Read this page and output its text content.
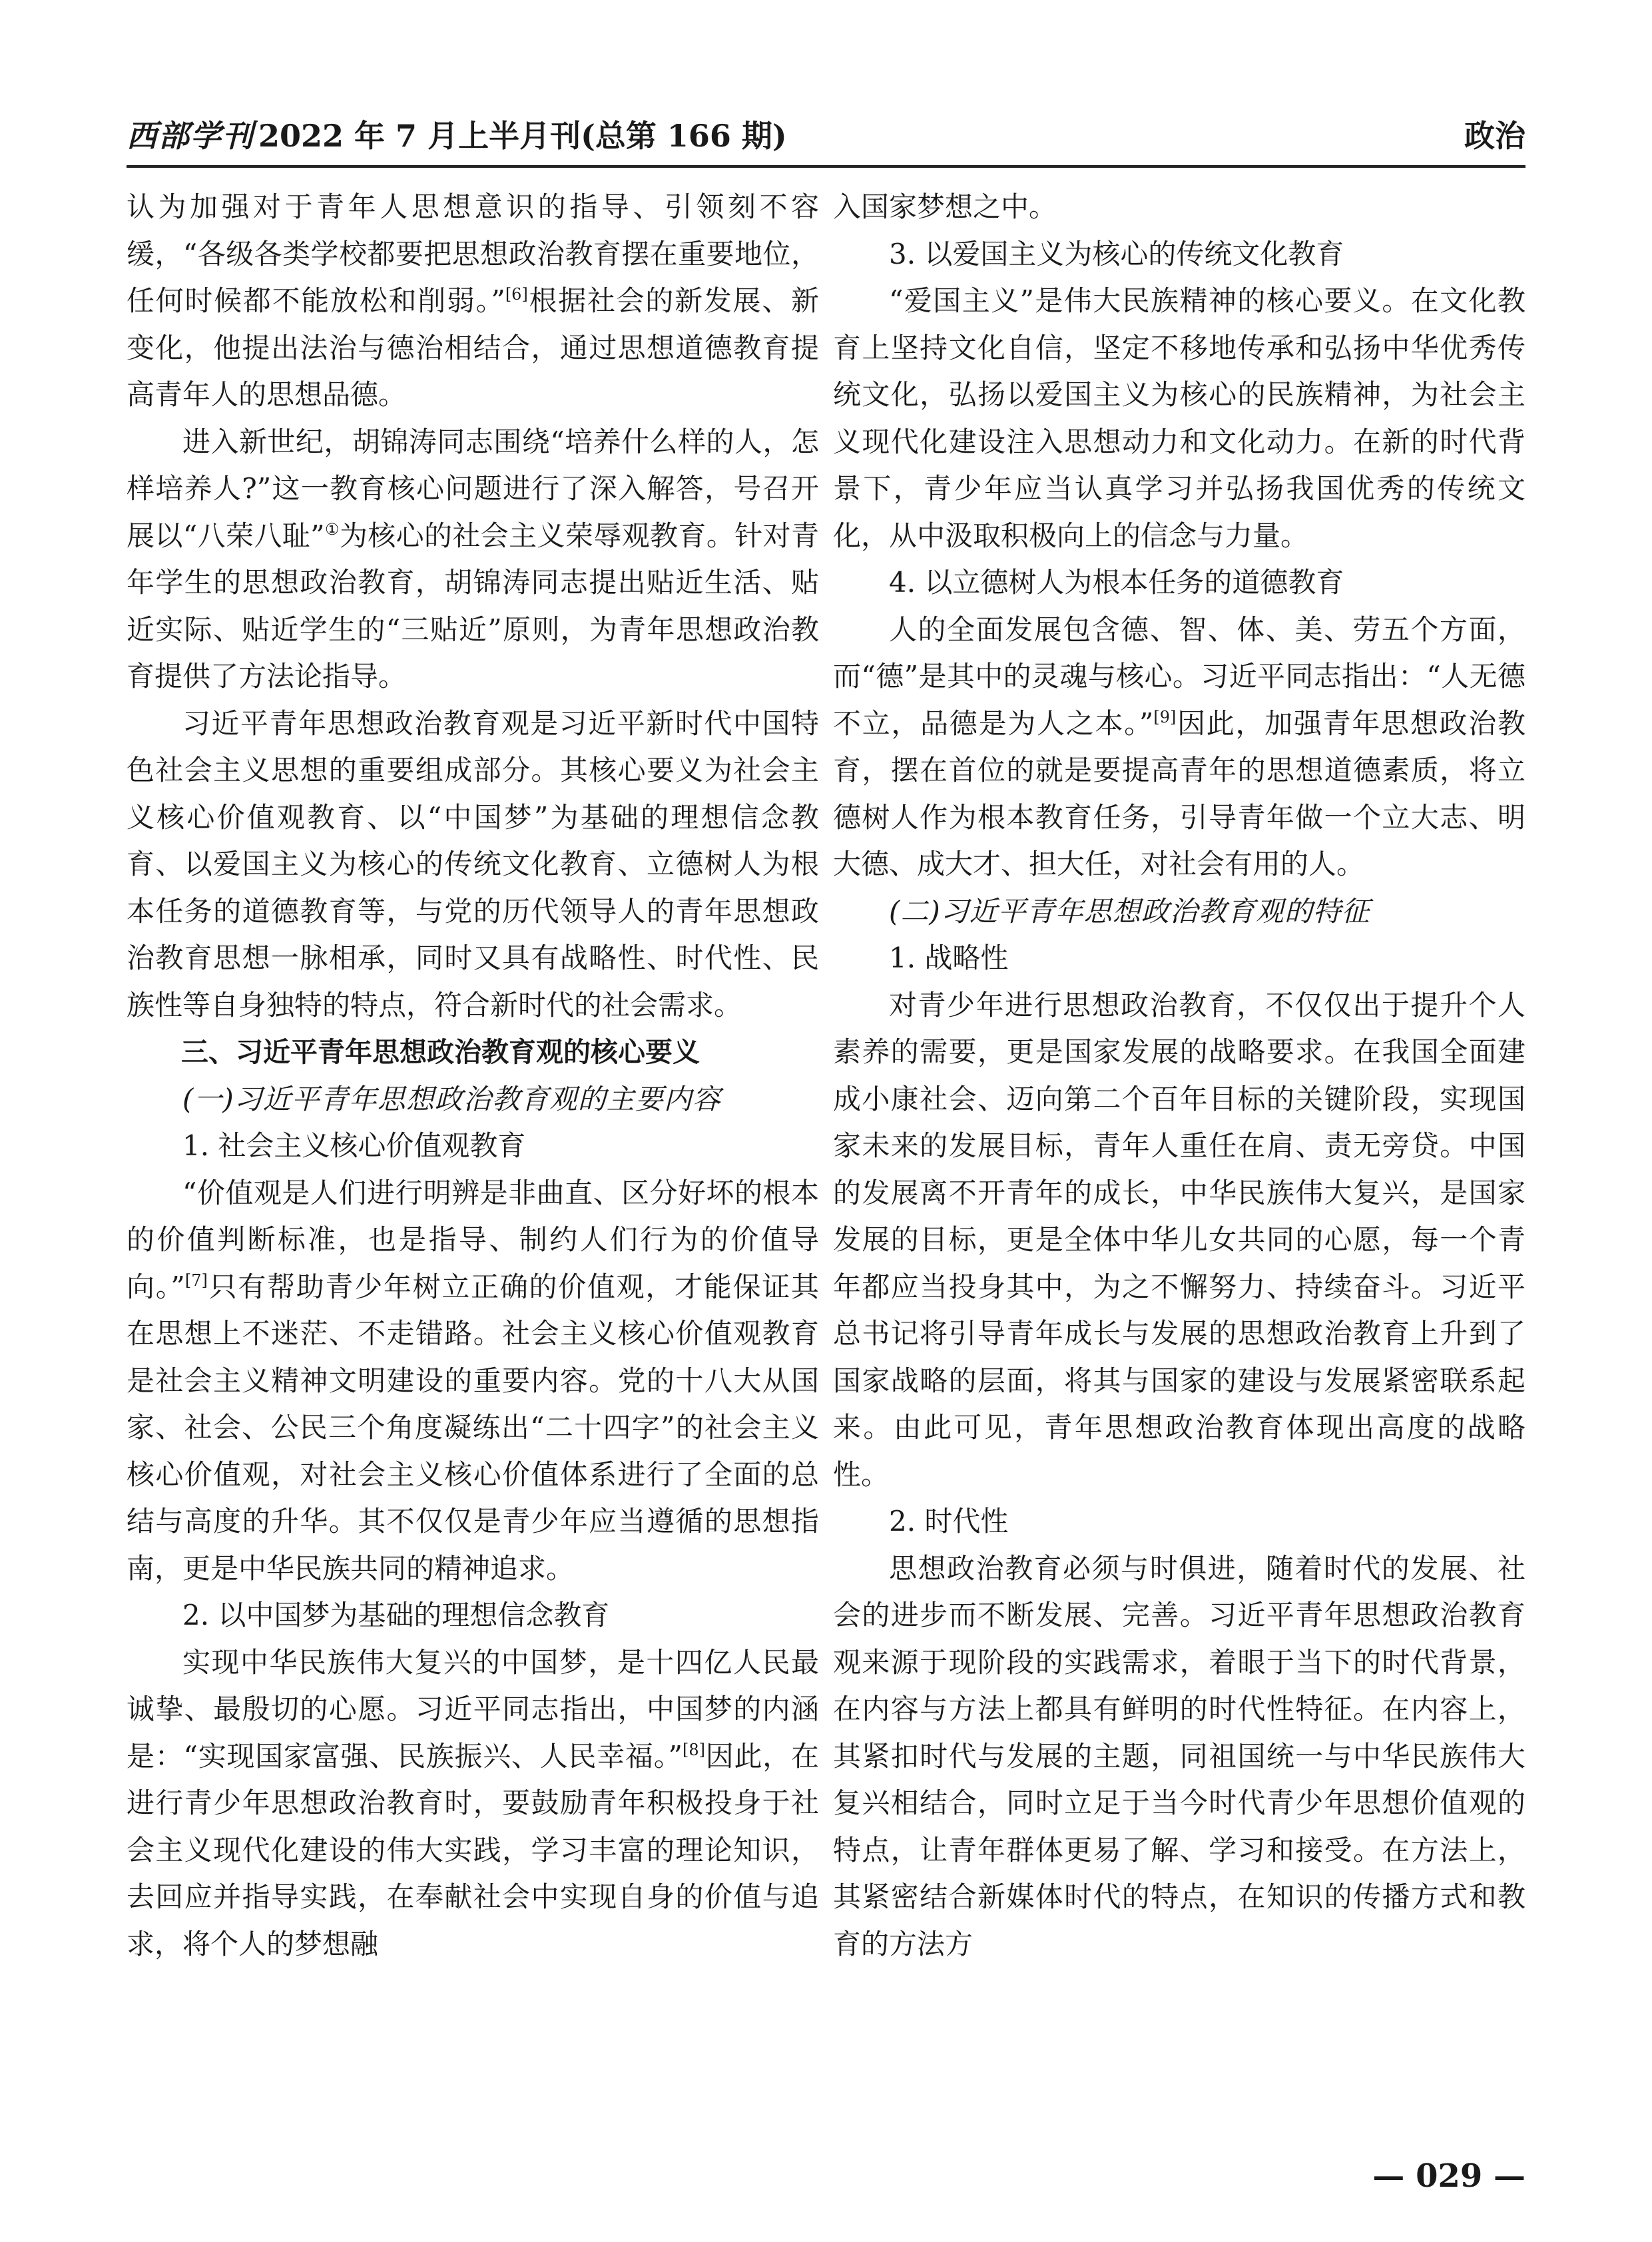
西部学刊 2022 年 7 月上半月刊(总第 166 期)	政治

认为加强对于青年人思想意识的指导、引领刻不容缓，“各级各类学校都要把思想政治教育摆在重要地位，任何时候都不能放松和削弱。”[6]根据社会的新发展、新变化，他提出法治与德治相结合，通过思想道德教育提高青年人的思想品德。

进入新世纪，胡锦涛同志围绕“培养什么样的人，怎样培养人?”这一教育核心问题进行了深入解答，号召开展以“八荣八耻”①为核心的社会主义荣辱观教育。针对青年学生的思想政治教育，胡锦涛同志提出贴近生活、贴近实际、贴近学生的“三贴近”原则，为青年思想政治教育提供了方法论指导。

习近平青年思想政治教育观是习近平新时代中国特色社会主义思想的重要组成部分。其核心要义为社会主义核心价值观教育、以“中国梦”为基础的理想信念教育、以爱国主义为核心的传统文化教育、立德树人为根本任务的道德教育等，与党的历代领导人的青年思想政治教育思想一脉相承，同时又具有战略性、时代性、民族性等自身独特的特点，符合新时代的社会需求。

三、习近平青年思想政治教育观的核心要义

(一)习近平青年思想政治教育观的主要内容

1. 社会主义核心价值观教育

“价值观是人们进行明辨是非曲直、区分好坏的根本的价值判断标准，也是指导、制约人们行为的价值导向。”[7]只有帮助青少年树立正确的价值观，才能保证其在思想上不迷茫、不走错路。社会主义核心价值观教育是社会主义精神文明建设的重要内容。党的十八大从国家、社会、公民三个角度凝练出“二十四字”的社会主义核心价值观，对社会主义核心价值体系进行了全面的总结与高度的升华。其不仅仅是青少年应当遵循的思想指南，更是中华民族共同的精神追求。

2. 以中国梦为基础的理想信念教育

实现中华民族伟大复兴的中国梦，是十四亿人民最诚挚、最殷切的心愿。习近平同志指出，中国梦的内涵是：“实现国家富强、民族振兴、人民幸福。”[8]因此，在进行青少年思想政治教育时，要鼓励青年积极投身于社会主义现代化建设的伟大实践，学习丰富的理论知识，去回应并指导实践，在奉献社会中实现自身的价值与追求，将个人的梦想融

入国家梦想之中。

3. 以爱国主义为核心的传统文化教育

“爱国主义”是伟大民族精神的核心要义。在文化教育上坚持文化自信，坚定不移地传承和弘扬中华优秀传统文化，弘扬以爱国主义为核心的民族精神，为社会主义现代化建设注入思想动力和文化动力。在新的时代背景下，青少年应当认真学习并弘扬我国优秀的传统文化，从中汲取积极向上的信念与力量。

4. 以立德树人为根本任务的道德教育

人的全面发展包含德、智、体、美、劳五个方面，而“德”是其中的灵魂与核心。习近平同志指出：“人无德不立，品德是为人之本。”[9]因此，加强青年思想政治教育，摆在首位的就是要提高青年的思想道德素质，将立德树人作为根本教育任务，引导青年做一个立大志、明大德、成大才、担大任，对社会有用的人。

(二)习近平青年思想政治教育观的特征

1. 战略性

对青少年进行思想政治教育，不仅仅出于提升个人素养的需要，更是国家发展的战略要求。在我国全面建成小康社会、迈向第二个百年目标的关键阶段，实现国家未来的发展目标，青年人重任在肩、责无旁贷。中国的发展离不开青年的成长，中华民族伟大复兴，是国家发展的目标，更是全体中华儿女共同的心愿，每一个青年都应当投身其中，为之不懈努力、持续奋斗。习近平总书记将引导青年成长与发展的思想政治教育上升到了国家战略的层面，将其与国家的建设与发展紧密联系起来。由此可见，青年思想政治教育体现出高度的战略性。

2. 时代性

思想政治教育必须与时俱进，随着时代的发展、社会的进步而不断发展、完善。习近平青年思想政治教育观来源于现阶段的实践需求，着眼于当下的时代背景，在内容与方法上都具有鲜明的时代性特征。在内容上，其紧扣时代与发展的主题，同祖国统一与中华民族伟大复兴相结合，同时立足于当今时代青少年思想价值观的特点，让青年群体更易了解、学习和接受。在方法上，其紧密结合新媒体时代的特点，在知识的传播方式和教育的方法方

— 029 —
